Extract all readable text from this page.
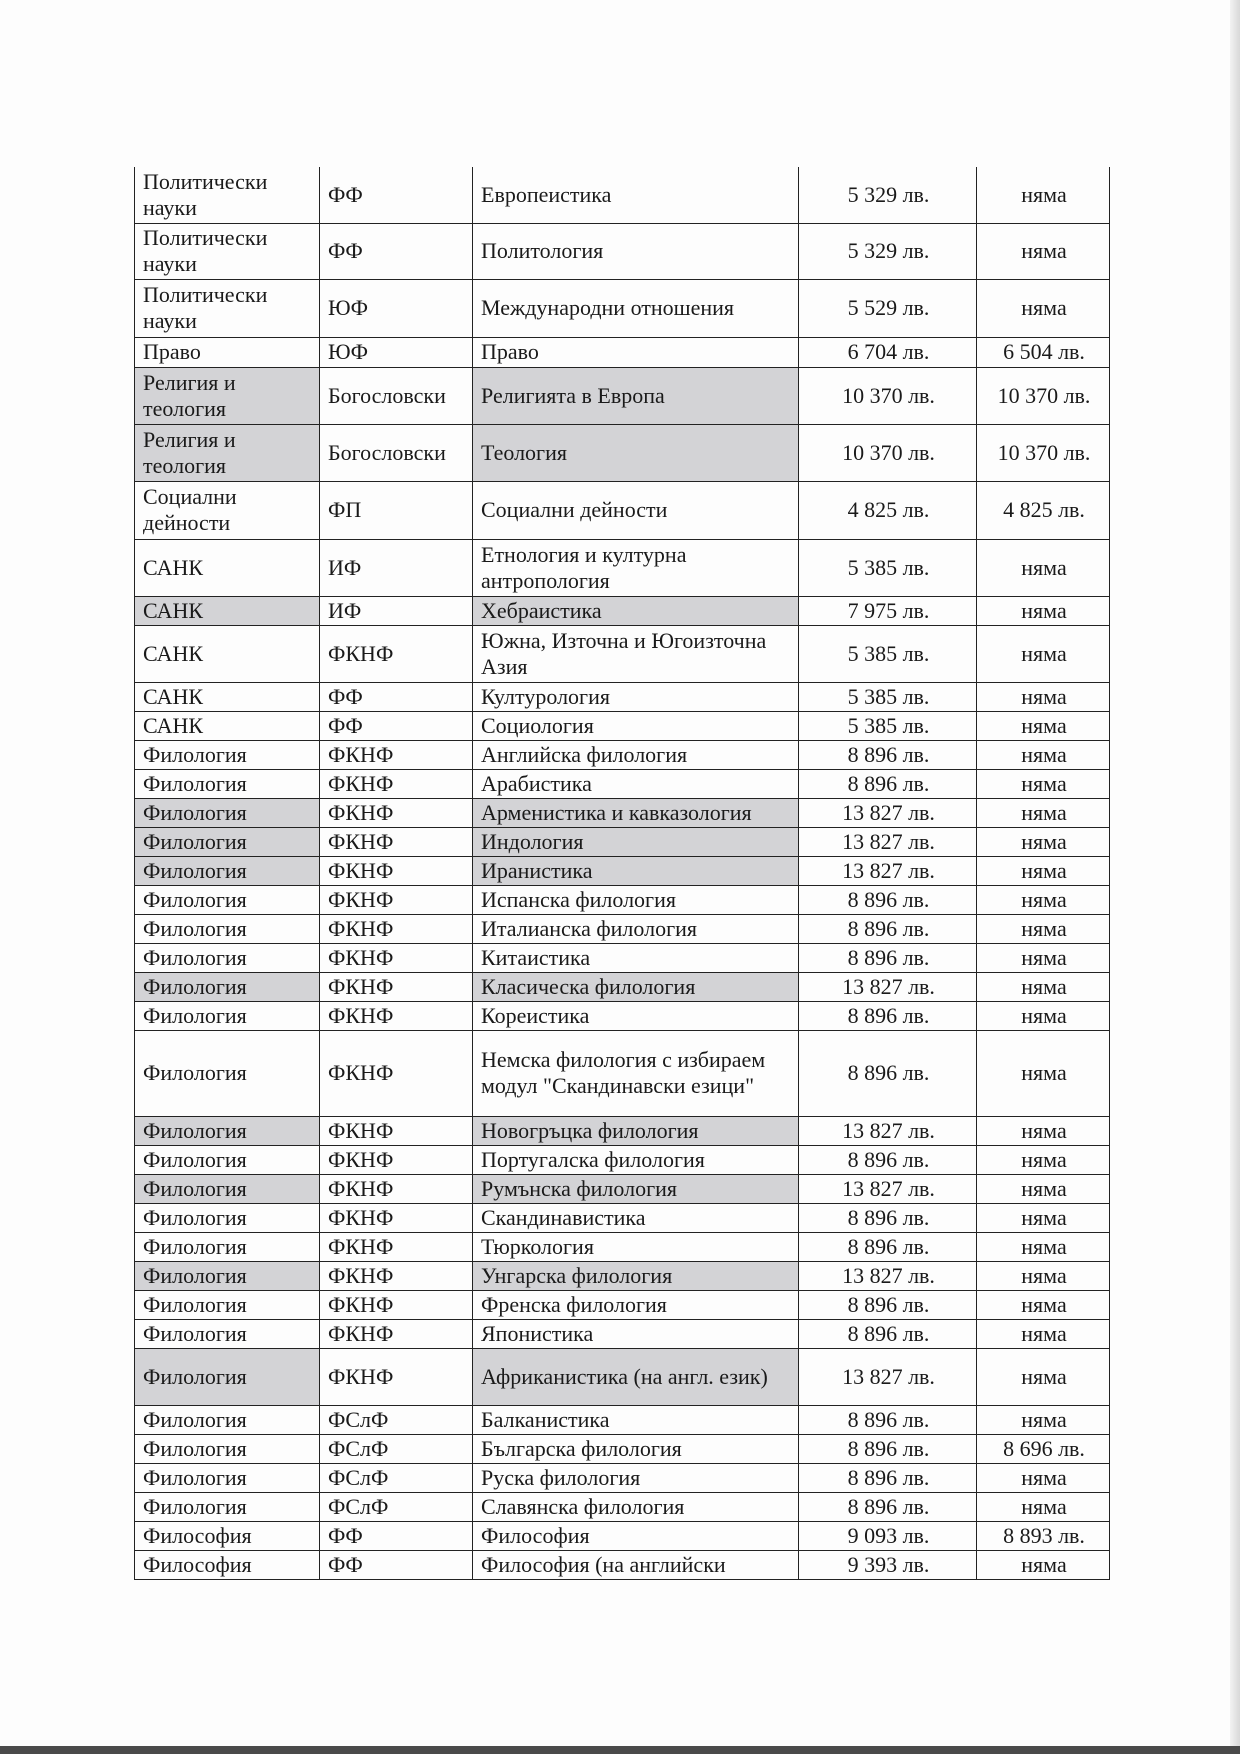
Политически науки	ФФ	Европеистика	5 329 лв.	няма
Политически науки	ФФ	Политология	5 329 лв.	няма
Политически науки	ЮФ	Международни отношения	5 529 лв.	няма
Право	ЮФ	Право	6 704 лв.	6 504 лв.
Религия и теология	Богословски	Религията в Европа	10 370 лв.	10 370 лв.
Религия и теология	Богословски	Теология	10 370 лв.	10 370 лв.
Социални дейности	ФП	Социални дейности	4 825 лв.	4 825 лв.
САНК	ИФ	Етнология и културна антропология	5 385 лв.	няма
САНК	ИФ	Хебраистика	7 975 лв.	няма
САНК	ФКНФ	Южна, Източна и Югоизточна Азия	5 385 лв.	няма
САНК	ФФ	Културология	5 385 лв.	няма
САНК	ФФ	Социология	5 385 лв.	няма
Филология	ФКНФ	Английска филология	8 896 лв.	няма
Филология	ФКНФ	Арабистика	8 896 лв.	няма
Филология	ФКНФ	Арменистика и кавказология	13 827 лв.	няма
Филология	ФКНФ	Индология	13 827 лв.	няма
Филология	ФКНФ	Иранистика	13 827 лв.	няма
Филология	ФКНФ	Испанска филология	8 896 лв.	няма
Филология	ФКНФ	Италианска филология	8 896 лв.	няма
Филология	ФКНФ	Китаистика	8 896 лв.	няма
Филология	ФКНФ	Класическа филология	13 827 лв.	няма
Филология	ФКНФ	Кореистика	8 896 лв.	няма
Филология	ФКНФ	Немска филология с избираем модул "Скандинавски езици"	8 896 лв.	няма
Филология	ФКНФ	Новогръцка филология	13 827 лв.	няма
Филология	ФКНФ	Португалска филология	8 896 лв.	няма
Филология	ФКНФ	Румънска филология	13 827 лв.	няма
Филология	ФКНФ	Скандинавистика	8 896 лв.	няма
Филология	ФКНФ	Тюркология	8 896 лв.	няма
Филология	ФКНФ	Унгарска филология	13 827 лв.	няма
Филология	ФКНФ	Френска филология	8 896 лв.	няма
Филология	ФКНФ	Японистика	8 896 лв.	няма
Филология	ФКНФ	Африканистика (на англ. език)	13 827 лв.	няма
Филология	ФСлФ	Балканистика	8 896 лв.	няма
Филология	ФСлФ	Българска филология	8 896 лв.	8 696 лв.
Филология	ФСлФ	Руска филология	8 896 лв.	няма
Филология	ФСлФ	Славянска филология	8 896 лв.	няма
Философия	ФФ	Философия	9 093 лв.	8 893 лв.
Философия	ФФ	Философия (на английски	9 393 лв.	няма
